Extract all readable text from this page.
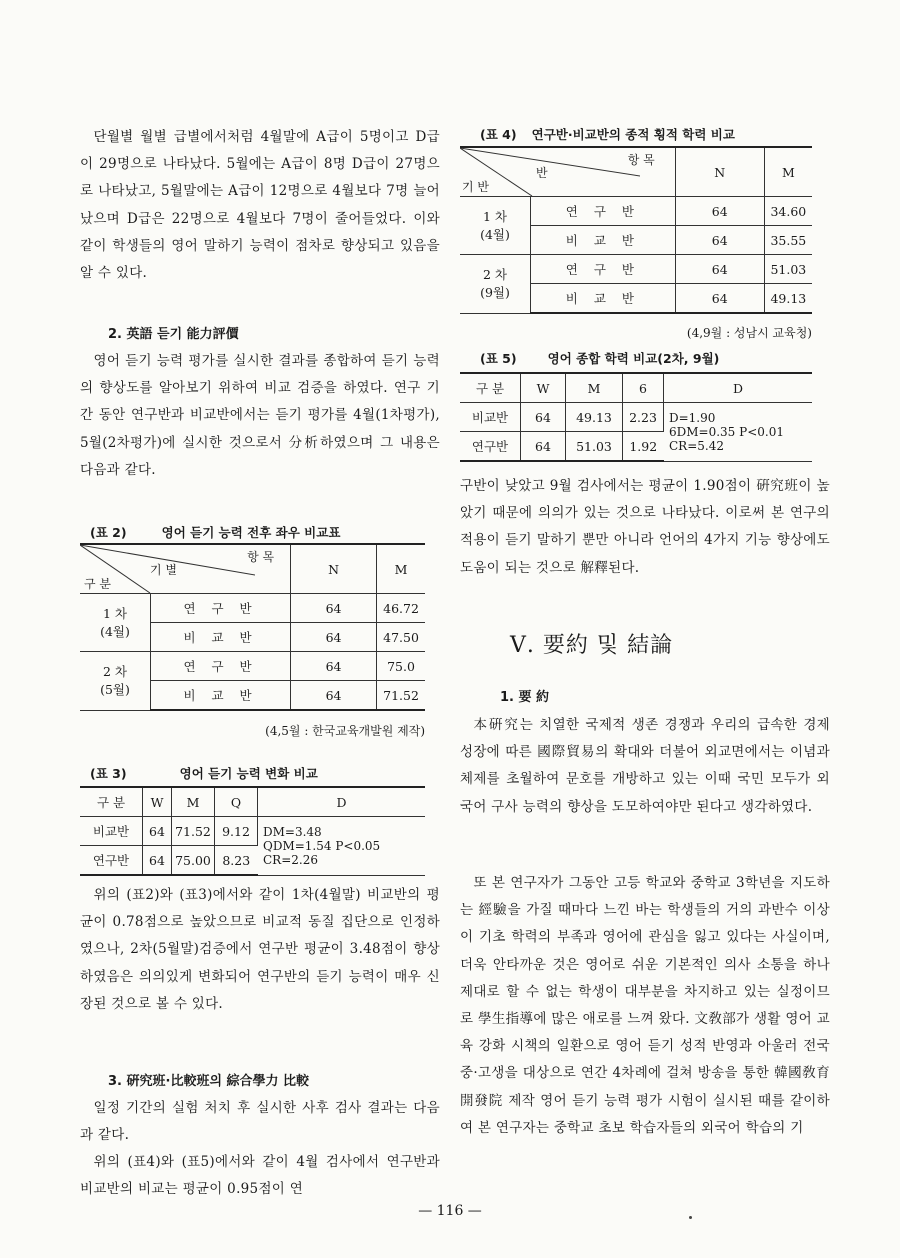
단월별 월별 급별에서처럼 4월말에 A급이 5명이고 D급이 29명으로 나타났다. 5월에는 A급이 8명 D급이 27명으로 나타났고, 5월말에는 A급이 12명으로 4월보다 7명 늘어났으며 D급은 22명으로 4월보다 7명이 줄어들었다. 이와 같이 학생들의 영어 말하기 능력이 점차로 향상되고 있음을 알 수 있다.

2. 英語 듣기 能力評價

영어 듣기 능력 평가를 실시한 결과를 종합하여 듣기 능력의 향상도를 알아보기 위하여 비교 검증을 하였다. 연구 기간 동안 연구반과 비교반에서는 듣기 평가를 4월(1차평가), 5월(2차평가)에 실시한 것으로서 分析하였으며 그 내용은 다음과 같다.

(표 2)	영어 듣기 능력 전후 좌우 비교표
항 목
기 별
구 분		N	M

1 차
(4월)	연 구 반	64	46.72
	비 교 반	64	47.50

2 차
(5월)	연 구 반	64	75.0
	비 교 반	64	71.52

(4,5월 : 한국교육개발원 제작)

(표 3)	영어 듣기 능력 변화 비교
구 분	W	M	Q	D
비교반	64	71.52	9.12	DM=3.48
QDM=1.54 P<0.05
CR=2.26

연구반	64	75.00	8.23	

위의 (표2)와 (표3)에서와 같이 1차(4월말) 비교반의 평균이 0.78점으로 높았으므로 비교적 동질 집단으로 인정하였으나, 2차(5월말)검증에서 연구반 평균이 3.48점이 향상하였음은 의의있게 변화되어 연구반의 듣기 능력이 매우 신장된 것으로 볼 수 있다.

3. 硏究班·比較班의 綜合學力 比較

일정 기간의 실험 처치 후 실시한 사후 검사 결과는 다음과 같다.

위의 (표4)와 (표5)에서와 같이 4월 검사에서 연구반과 비교반의 비교는 평균이 0.95점이 연

(표 4) 연구반·비교반의 종적 횡적 학력 비교
항 목
반
기 반		N	M

1 차
(4월)	연 구 반	64	34.60
	비 교 반	64	35.55

2 차
(9월)	연 구 반	64	51.03
	비 교 반	64	49.13

(4,9월 : 성남시 교육청)

(표 5) 영어 종합 학력 비교(2차, 9월)
구 분	W	M	6	D
비교반	64	49.13	2.23	D=1.90
6DM=0.35 P<0.01
CR=5.42

연구반	64	51.03	1.92	

구반이 낮았고 9월 검사에서는 평균이 1.90점이 硏究班이 높았기 때문에 의의가 있는 것으로 나타났다. 이로써 본 연구의 적용이 듣기 말하기 뿐만 아니라 언어의 4가지 기능 향상에도 도움이 되는 것으로 解釋된다.

Ⅴ. 要約 및 結論

1. 要 約

本硏究는 치열한 국제적 생존 경쟁과 우리의 급속한 경제 성장에 따른 國際貿易의 확대와 더불어 외교면에서는 이념과 체제를 초월하여 문호를 개방하고 있는 이때 국민 모두가 외국어 구사 능력의 향상을 도모하여야만 된다고 생각하였다.

또 본 연구자가 그동안 고등 학교와 중학교 3학년을 지도하는 經驗을 가질 때마다 느낀 바는 학생들의 거의 과반수 이상이 기초 학력의 부족과 영어에 관심을 잃고 있다는 사실이며, 더욱 안타까운 것은 영어로 쉬운 기본적인 의사 소통을 하나 제대로 할 수 없는 학생이 대부분을 차지하고 있는 실정이므로 學生指導에 많은 애로를 느껴 왔다. 文敎部가 생활 영어 교육 강화 시책의 일환으로 영어 듣기 성적 반영과 아울러 전국 중·고생을 대상으로 연간 4차례에 걸쳐 방송을 통한 韓國敎育開發院 제작 영어 듣기 능력 평가 시험이 실시된 때를 같이하여 본 연구자는 중학교 초보 학습자들의 외국어 학습의 기

— 116 —
